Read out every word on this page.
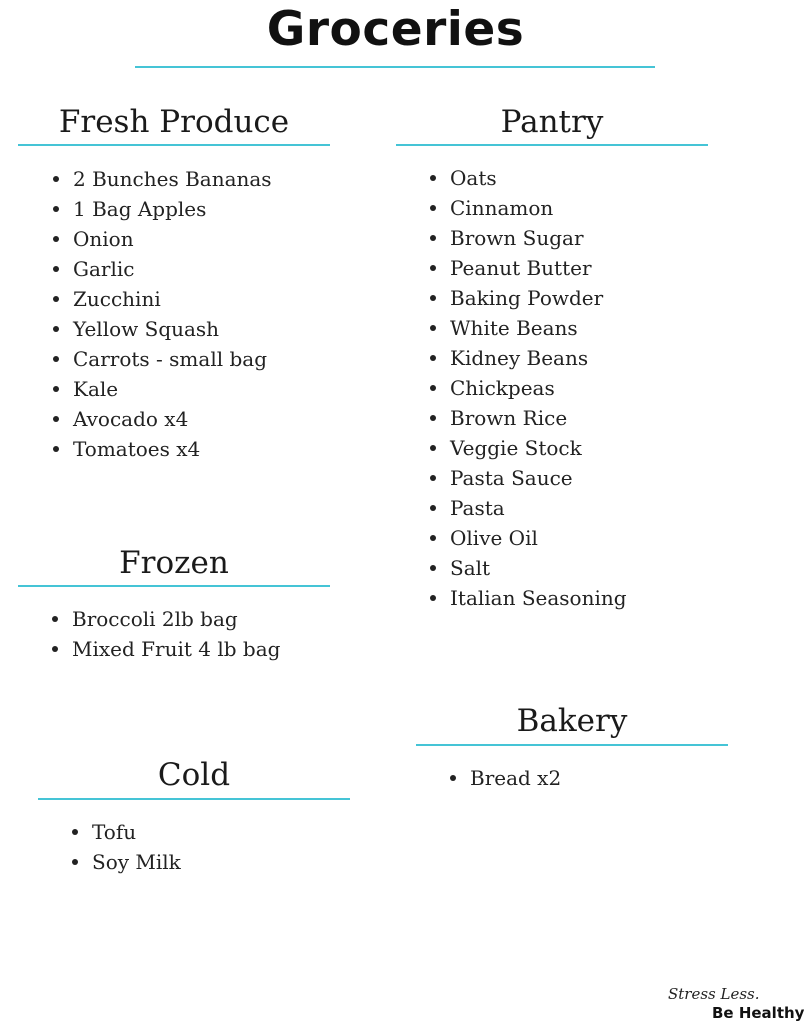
Groceries
Fresh Produce
2 Bunches Bananas
1 Bag Apples
Onion
Garlic
Zucchini
Yellow Squash
Carrots - small bag
Kale
Avocado x4
Tomatoes x4
Pantry
Oats
Cinnamon
Brown Sugar
Peanut Butter
Baking Powder
White Beans
Kidney Beans
Chickpeas
Brown Rice
Veggie Stock
Pasta Sauce
Pasta
Olive Oil
Salt
Italian Seasoning
Frozen
Broccoli 2lb bag
Mixed Fruit 4 lb bag
Bakery
Bread x2
Cold
Tofu
Soy Milk
Stress Less.
Be Healthy
